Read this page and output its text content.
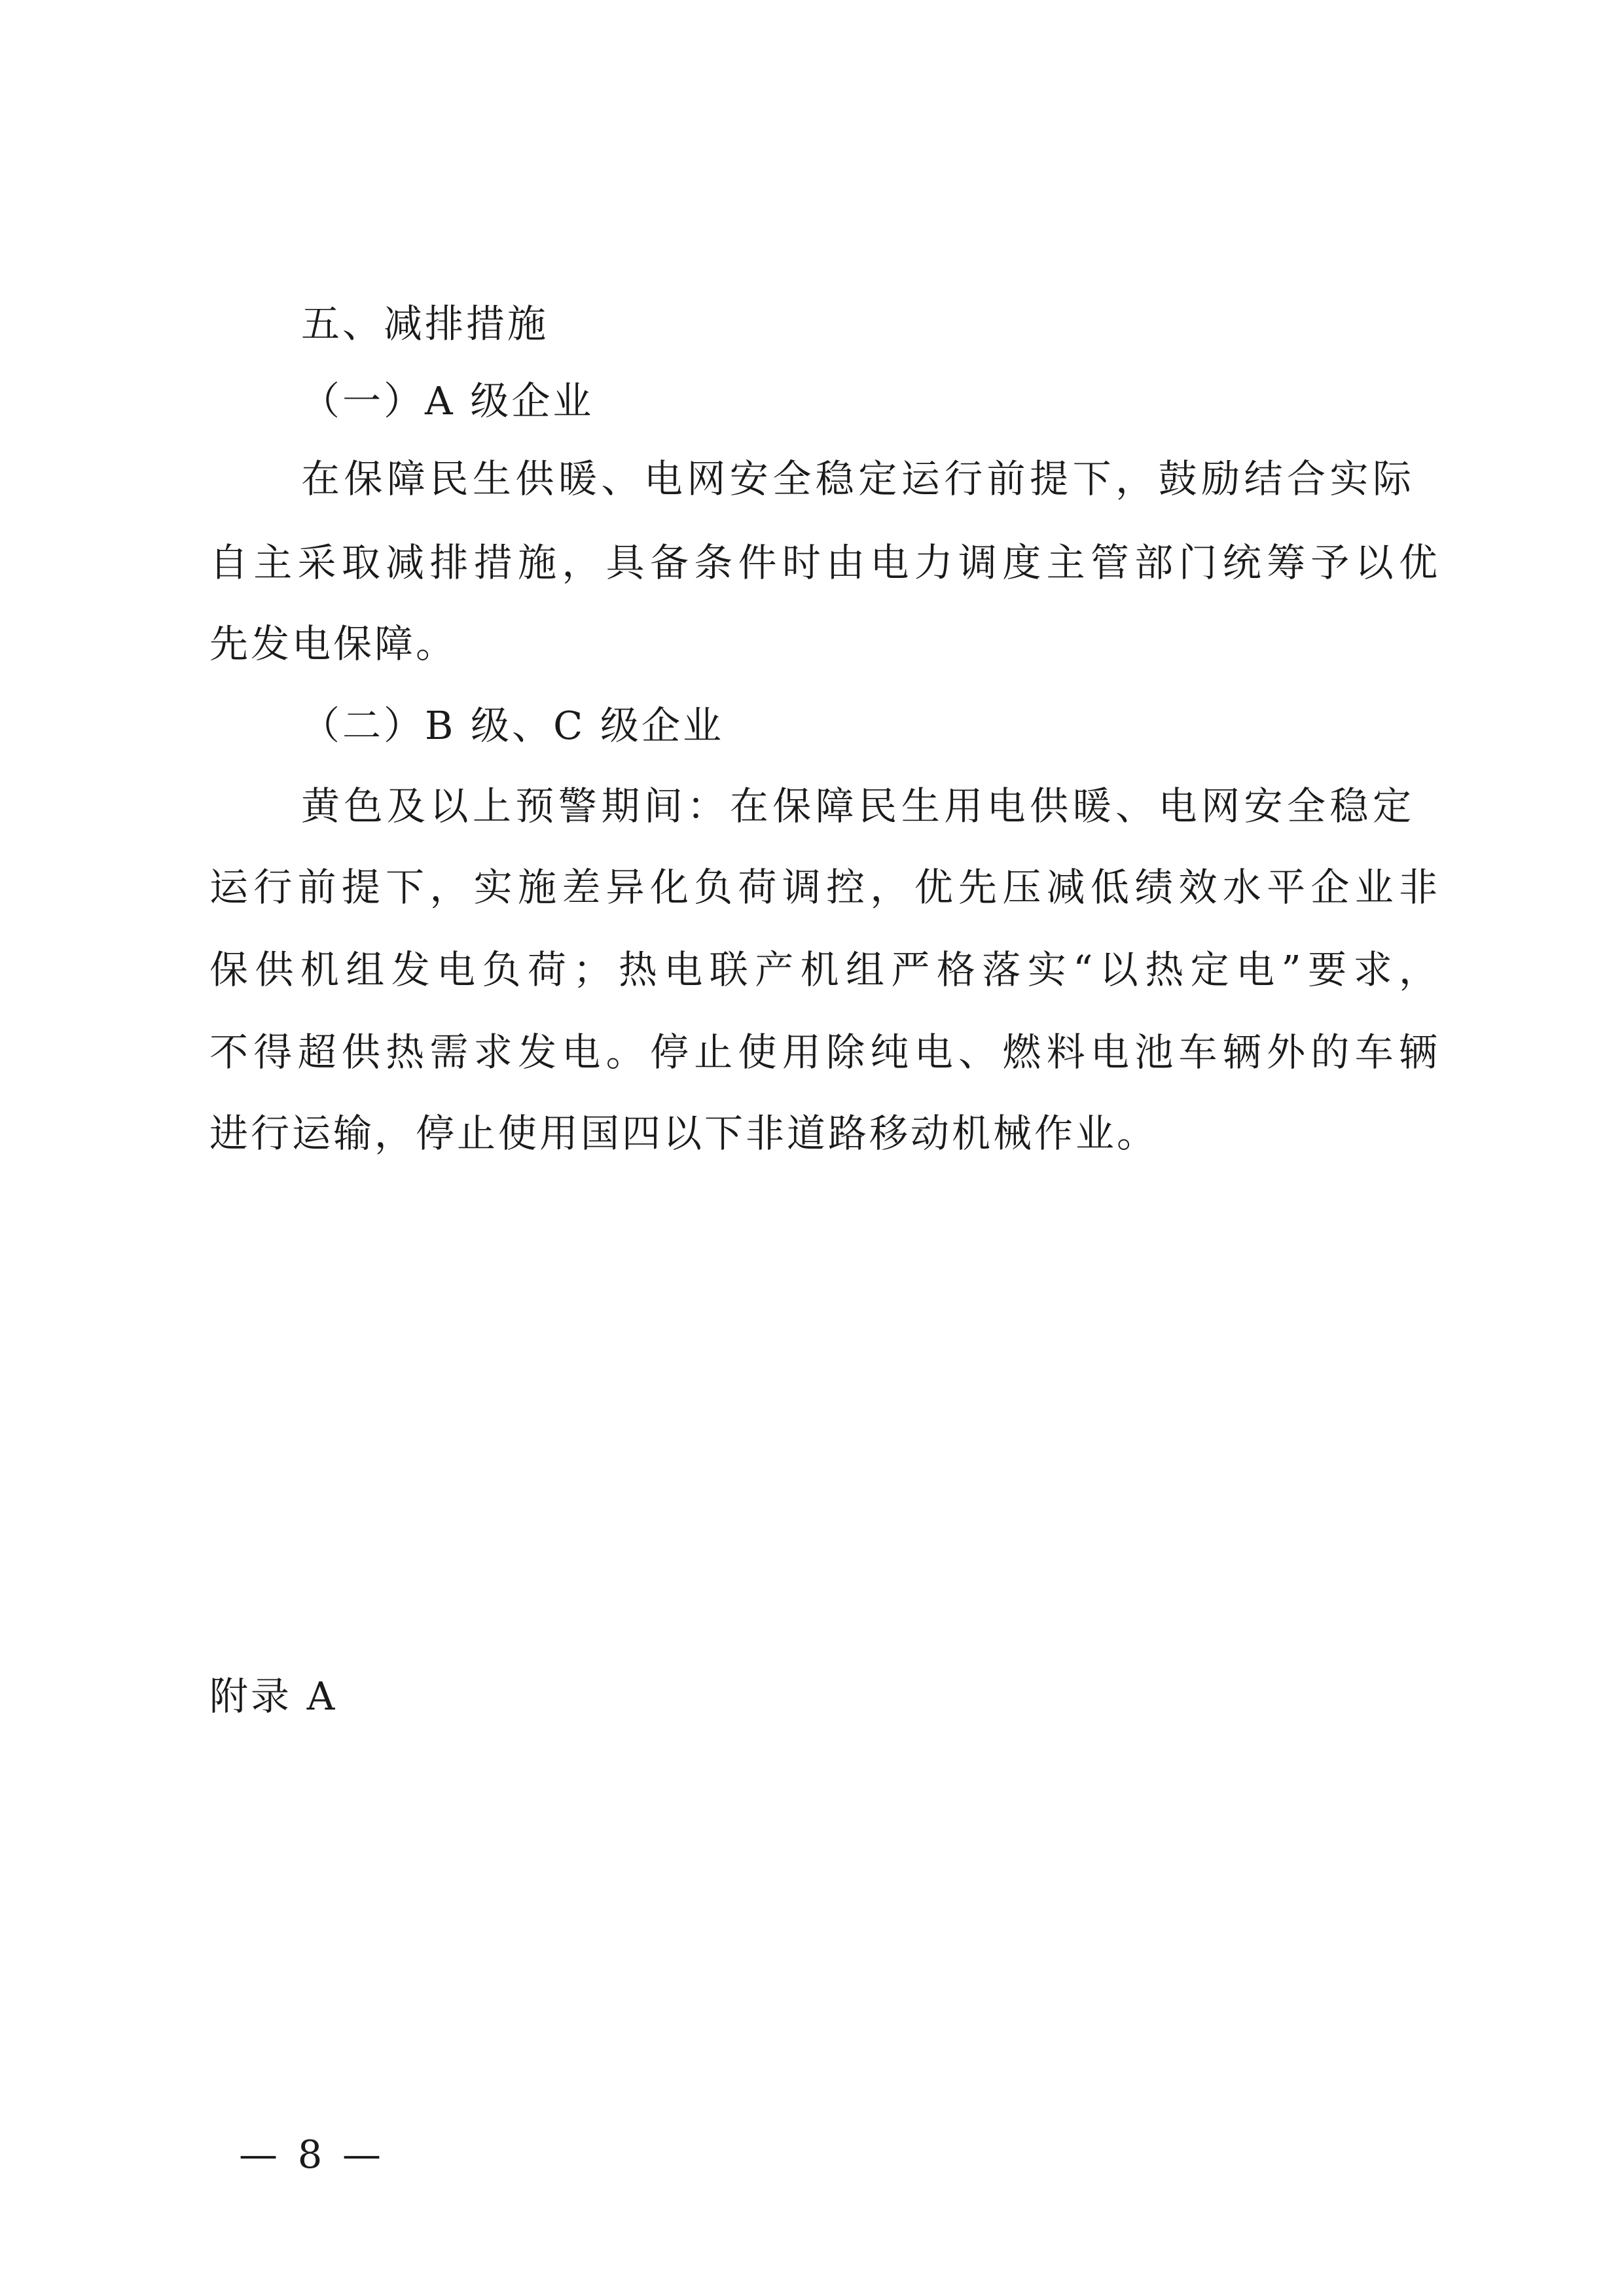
五、减排措施
（一）A 级企业
在保障民生供暖、电网安全稳定运行前提下，鼓励结合实际
自主采取减排措施，具备条件时由电力调度主管部门统筹予以优
先发电保障。
（二）B 级、C 级企业
黄色及以上预警期间：在保障民生用电供暖、电网安全稳定
运行前提下，实施差异化负荷调控，优先压减低绩效水平企业非
保供机组发电负荷；热电联产机组严格落实“以热定电”要求，
不得超供热需求发电。停止使用除纯电、燃料电池车辆外的车辆
进行运输，停止使用国四以下非道路移动机械作业。
附录 A
— 8 —
